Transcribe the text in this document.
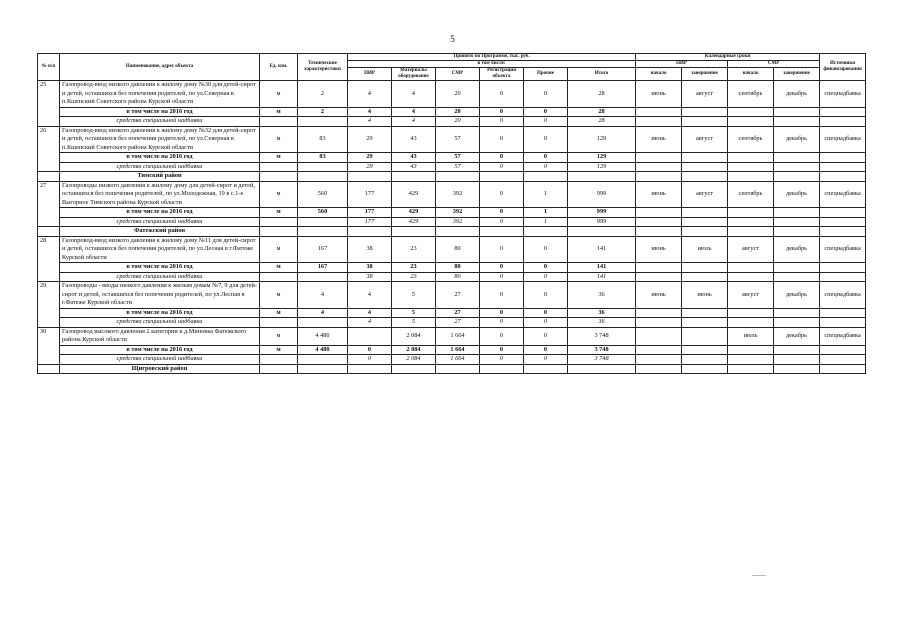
5
№ п/п	Наименование, адрес объекта	Ед. изм.	Технические характеристики	Принято по Программе, тыс. руб.						Календарные сроки				Источники финансирования
				в том числе:						ПИР		СМР		
				ПИР	Материалы оборудование	СМР	Регистрация объекта	Прочие	Итого	начало	завершение	начало	завершение	
25	Газопровод-ввод низкого давления к жилому дому №30 для детей-сирот и детей, оставшихся без попечения родителей, по ул.Северная в п.Кшенский Советского района Курской области	м	2	4	4	20	0	0	28	июнь	август	сентябрь	декабрь	спецнадбавка
	в том числе на 2016 год	м	2	4	4	20	0	0	28					
	средства специальной надбавки			4	4	20	0	0	28					
26	Газопровод-ввод низкого давления к жилому дому №32 для детей-сирот и детей, оставшихся без попечения родителей, по ул.Северная в п.Кшенский Советского района Курской области	м	83	29	43	57	0	0	129	июнь	август	сентябрь	декабрь	спецнадбавка
	в том числе на 2016 год	м	83	29	43	57	0	0	129					
	средства специальной надбавки			29	43	57	0	0	129					
	Тимский район													
27	Газопроводы низкого давления к жилому дому для детей-сирот и детей, оставшихся без попечения родителей, по ул.Молодежная, 19 в с.1-е Выгорное Тимского района Курской области	м	560	177	429	392	0	1	999	июнь	август	сентябрь	декабрь	спецнадбавка
	в том числе на 2016 год	м	560	177	429	392	0	1	999					
	средства специальной надбавки			177	429	392	0	1	999					
	Фатежский район													
28	Газопровод-ввод низкого давления к жилому дому №11 для детей-сирот и детей, оставшихся без попечения родителей, по ул.Лесная в г.Фатеже Курской области	м	167	38	23	80	0	0	141	июнь	июль	август	декабрь	спецнадбавка
	в том числе на 2016 год	м	167	38	23	80	0	0	141					
	средства специальной надбавки			38	23	80	0	0	141					
29	Газопроводы - вводы низкого давления к жилым домам №7, 9 для детей-сирот и детей, оставшихся без попечения родителей, по ул.Лесная в г.Фатеже Курской области	м	4	4	5	27	0	0	36	июнь	июнь	август	декабрь	спецнадбавка
	в том числе на 2016 год	м	4	4	5	27	0	0	36					
	средства специальной надбавки			4	5	27	0	0	36					
30	Газопровод высокого давления 2 категории к д.Миновка Фатежского района Курской области	м	4 480		2 084	1 664	0	0	3 748			июль	декабрь	спецнадбавка
	в том числе на 2016 год	м	4 480	0	2 084	1 664	0	0	3 748					
	средства специальной надбавки			0	2 084	1 664	0	0	3 748					
	Щигровский район													
